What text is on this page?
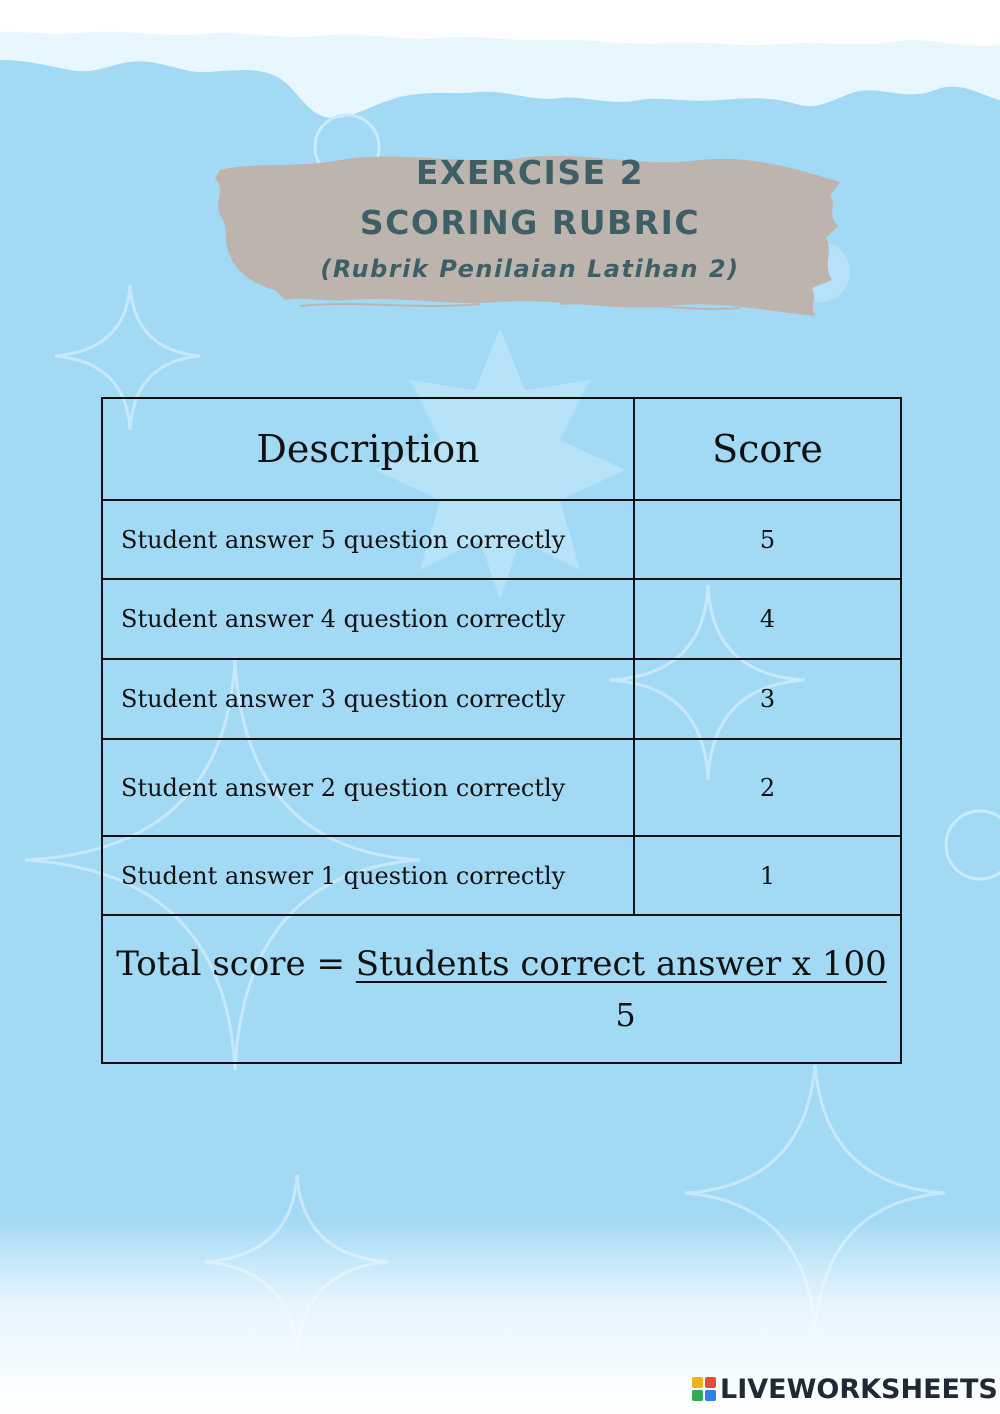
EXERCISE 2
SCORING RUBRIC
(Rubrik Penilaian Latihan 2)
Description	Score
Student answer 5 question correctly	5
Student answer 4 question correctly	4
Student answer 3 question correctly	3
Student answer 2 question correctly	2
Student answer 1 question correctly	1

Total score = Students correct answer x 100
5	
LIVEWORKSHEETS
